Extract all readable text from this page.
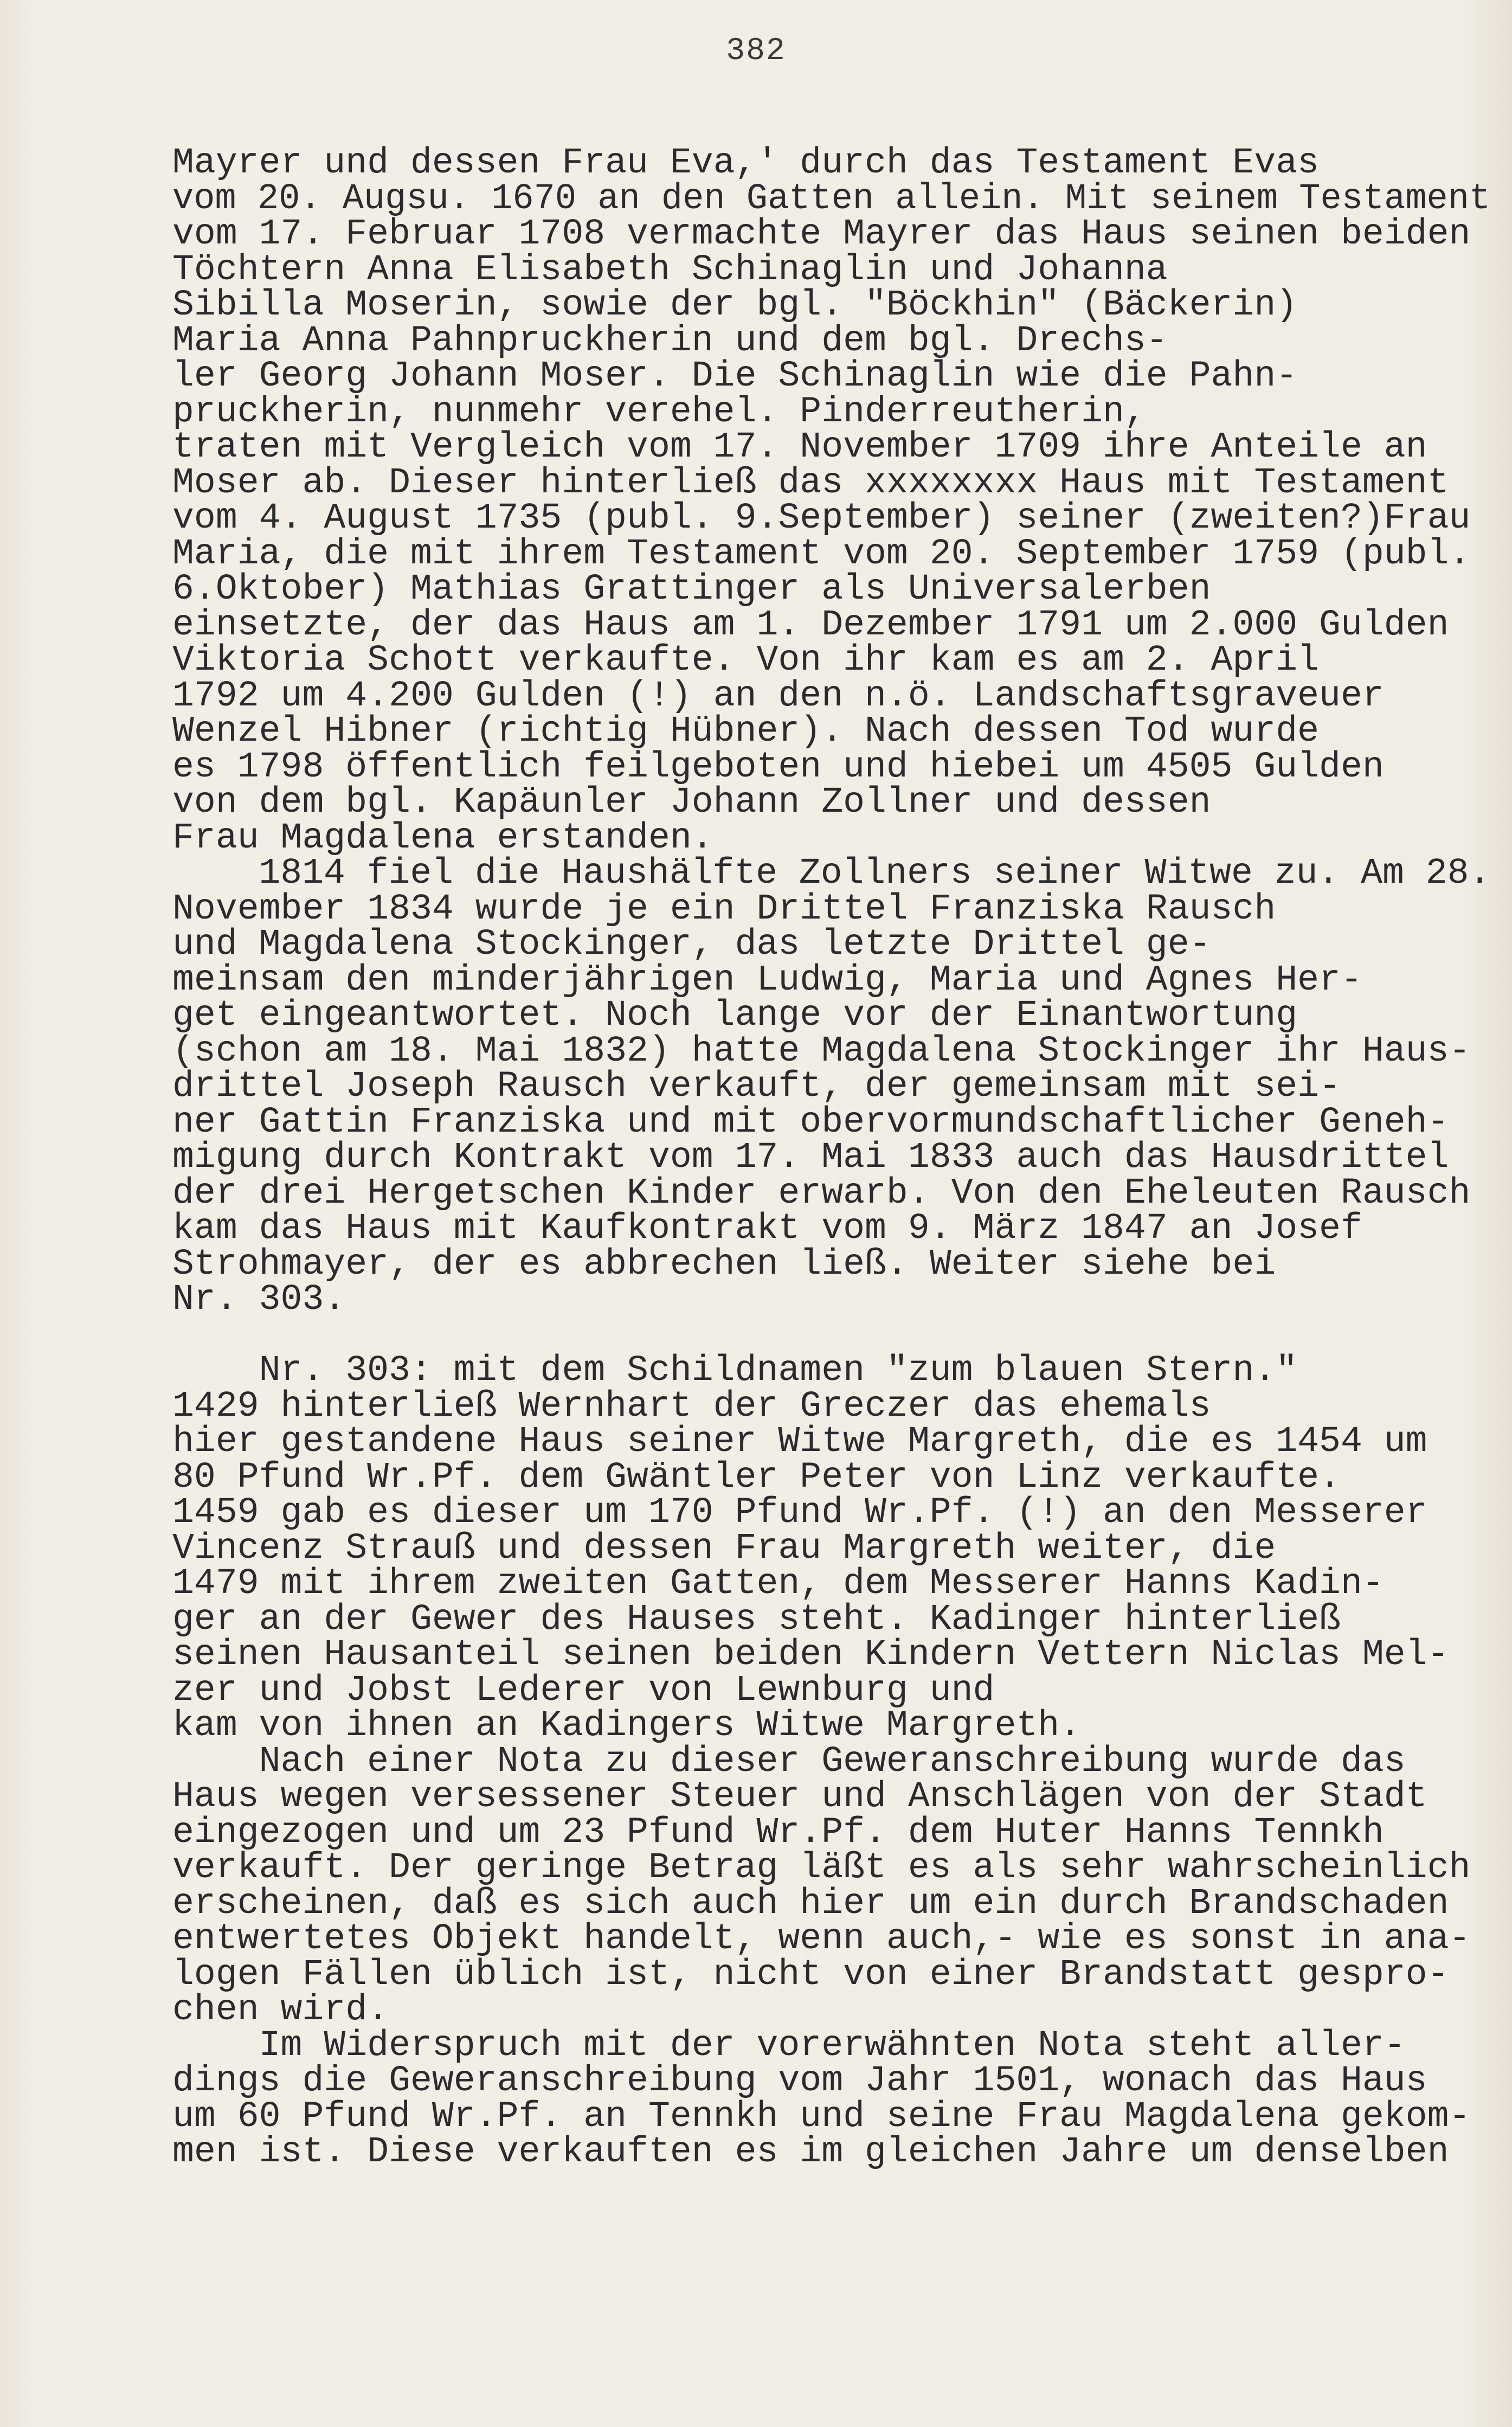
382
Mayrer und dessen Frau Eva,' durch das Testament Evas
vom 20. Augsu. 1670 an den Gatten allein. Mit seinem Testament
vom 17. Februar 1708 vermachte Mayrer das Haus seinen beiden
Töchtern Anna Elisabeth Schinaglin und Johanna
Sibilla Moserin, sowie der bgl. "Böckhin" (Bäckerin)
Maria Anna Pahnpruckherin und dem bgl. Drechs-
ler Georg Johann Moser. Die Schinaglin wie die Pahn-
pruckherin, nunmehr verehel. Pinderreutherin,
traten mit Vergleich vom 17. November 1709 ihre Anteile an
Moser ab. Dieser hinterließ das xxxxxxxx Haus mit Testament
vom 4. August 1735 (publ. 9.September) seiner (zweiten?)Frau
Maria, die mit ihrem Testament vom 20. September 1759 (publ.
6.Oktober) Mathias Grattinger als Universalerben
einsetzte, der das Haus am 1. Dezember 1791 um 2.000 Gulden
Viktoria Schott verkaufte. Von ihr kam es am 2. April
1792 um 4.200 Gulden (!) an den n.ö. Landschaftsgraveuer
Wenzel Hibner (richtig Hübner). Nach dessen Tod wurde
es 1798 öffentlich feilgeboten und hiebei um 4505 Gulden
von dem bgl. Kapäunler Johann Zollner und dessen
Frau Magdalena erstanden.
1814 fiel die Haushälfte Zollners seiner Witwe zu. Am 28.
November 1834 wurde je ein Drittel Franziska Rausch
und Magdalena Stockinger, das letzte Drittel ge-
meinsam den minderjährigen Ludwig, Maria und Agnes Her-
get eingeantwortet. Noch lange vor der Einantwortung
(schon am 18. Mai 1832) hatte Magdalena Stockinger ihr Haus-
drittel Joseph Rausch verkauft, der gemeinsam mit sei-
ner Gattin Franziska und mit obervormundschaftlicher Geneh-
migung durch Kontrakt vom 17. Mai 1833 auch das Hausdrittel
der drei Hergetschen Kinder erwarb. Von den Eheleuten Rausch
kam das Haus mit Kaufkontrakt vom 9. März 1847 an Josef
Strohmayer, der es abbrechen ließ. Weiter siehe bei
Nr. 303.
Nr. 303: mit dem Schildnamen "zum blauen Stern."
1429 hinterließ Wernhart der Greczer das ehemals
hier gestandene Haus seiner Witwe Margreth, die es 1454 um
80 Pfund Wr.Pf. dem Gwäntler Peter von Linz verkaufte.
1459 gab es dieser um 170 Pfund Wr.Pf. (!) an den Messerer
Vincenz Strauß und dessen Frau Margreth weiter, die
1479 mit ihrem zweiten Gatten, dem Messerer Hanns Kadin-
ger an der Gewer des Hauses steht. Kadinger hinterließ
seinen Hausanteil seinen beiden Kindern Vettern Niclas Mel-
zer und Jobst Lederer von Lewnburg und
kam von ihnen an Kadingers Witwe Margreth.
Nach einer Nota zu dieser Geweranschreibung wurde das
Haus wegen versessener Steuer und Anschlägen von der Stadt
eingezogen und um 23 Pfund Wr.Pf. dem Huter Hanns Tennkh
verkauft. Der geringe Betrag läßt es als sehr wahrscheinlich
erscheinen, daß es sich auch hier um ein durch Brandschaden
entwertetes Objekt handelt, wenn auch,- wie es sonst in ana-
logen Fällen üblich ist, nicht von einer Brandstatt gespro-
chen wird.
Im Widerspruch mit der vorerwähnten Nota steht aller-
dings die Geweranschreibung vom Jahr 1501, wonach das Haus
um 60 Pfund Wr.Pf. an Tennkh und seine Frau Magdalena gekom-
men ist. Diese verkauften es im gleichen Jahre um denselben
